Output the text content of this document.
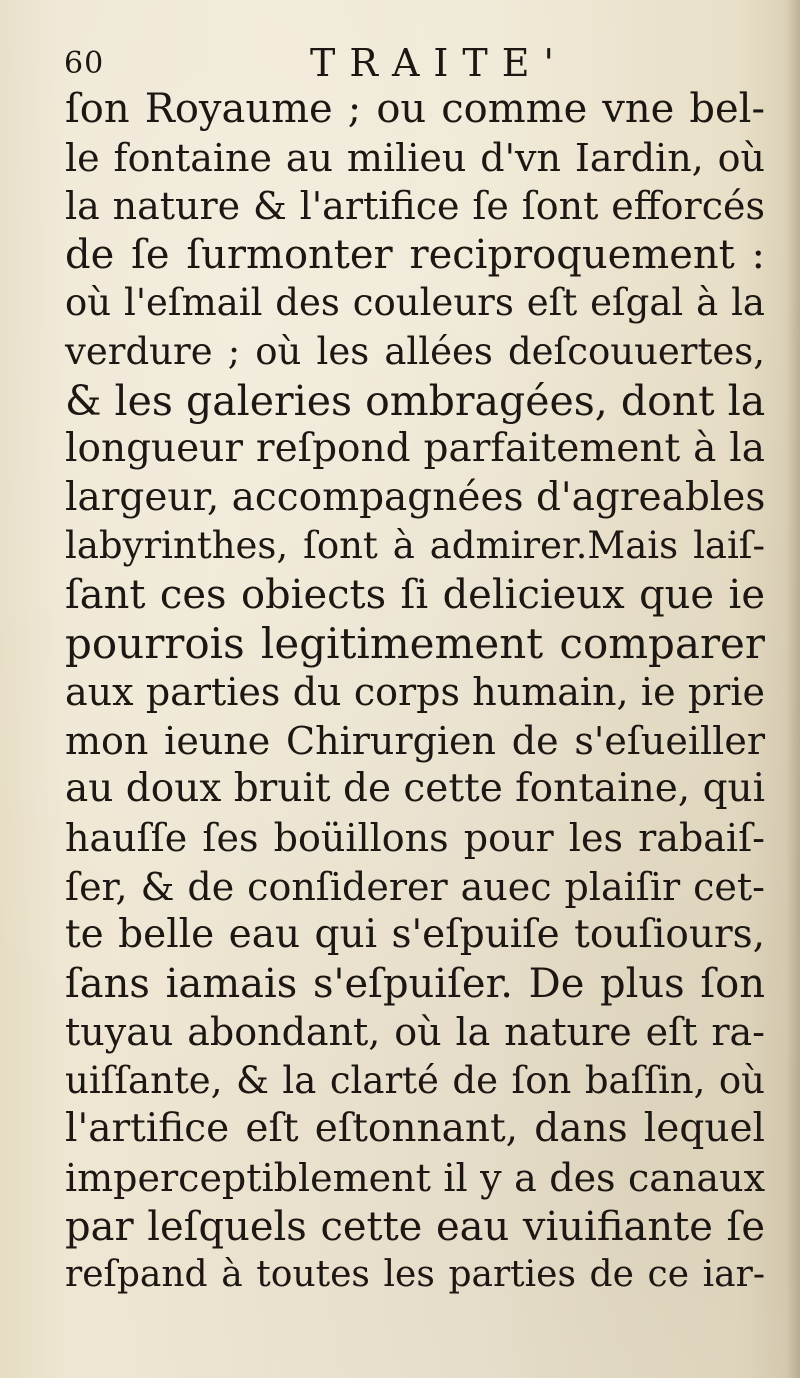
60	TRAITE'
ſon Royaume ; ou comme vne bel-
le fontaine au milieu d'vn Iardin, où
la nature & l'artifice ſe ſont efforcés
de ſe ſurmonter reciproquement :
où l'eſmail des couleurs eſt eſgal à la
verdure ; où les allées deſcouuertes,
& les galeries ombragées, dont la
longueur reſpond parfaitement à la
largeur, accompagnées d'agreables
labyrinthes, ſont à admirer.Mais laiſ-
ſant ces obiects ſi delicieux que ie
pourrois legitimement comparer
aux parties du corps humain, ie prie
mon ieune Chirurgien de s'eſueiller
au doux bruit de cette fontaine, qui
hauſſe ſes boüillons pour les rabaiſ-
ſer, & de conſiderer auec plaiſir cet-
te belle eau qui s'eſpuiſe touſiours,
ſans iamais s'eſpuiſer. De plus ſon
tuyau abondant, où la nature eſt ra-
uiſſante, & la clarté de ſon baſſin, où
l'artifice eſt eſtonnant, dans lequel
imperceptiblement il y a des canaux
par leſquels cette eau viuifiante ſe
reſpand à toutes les parties de ce iar-
